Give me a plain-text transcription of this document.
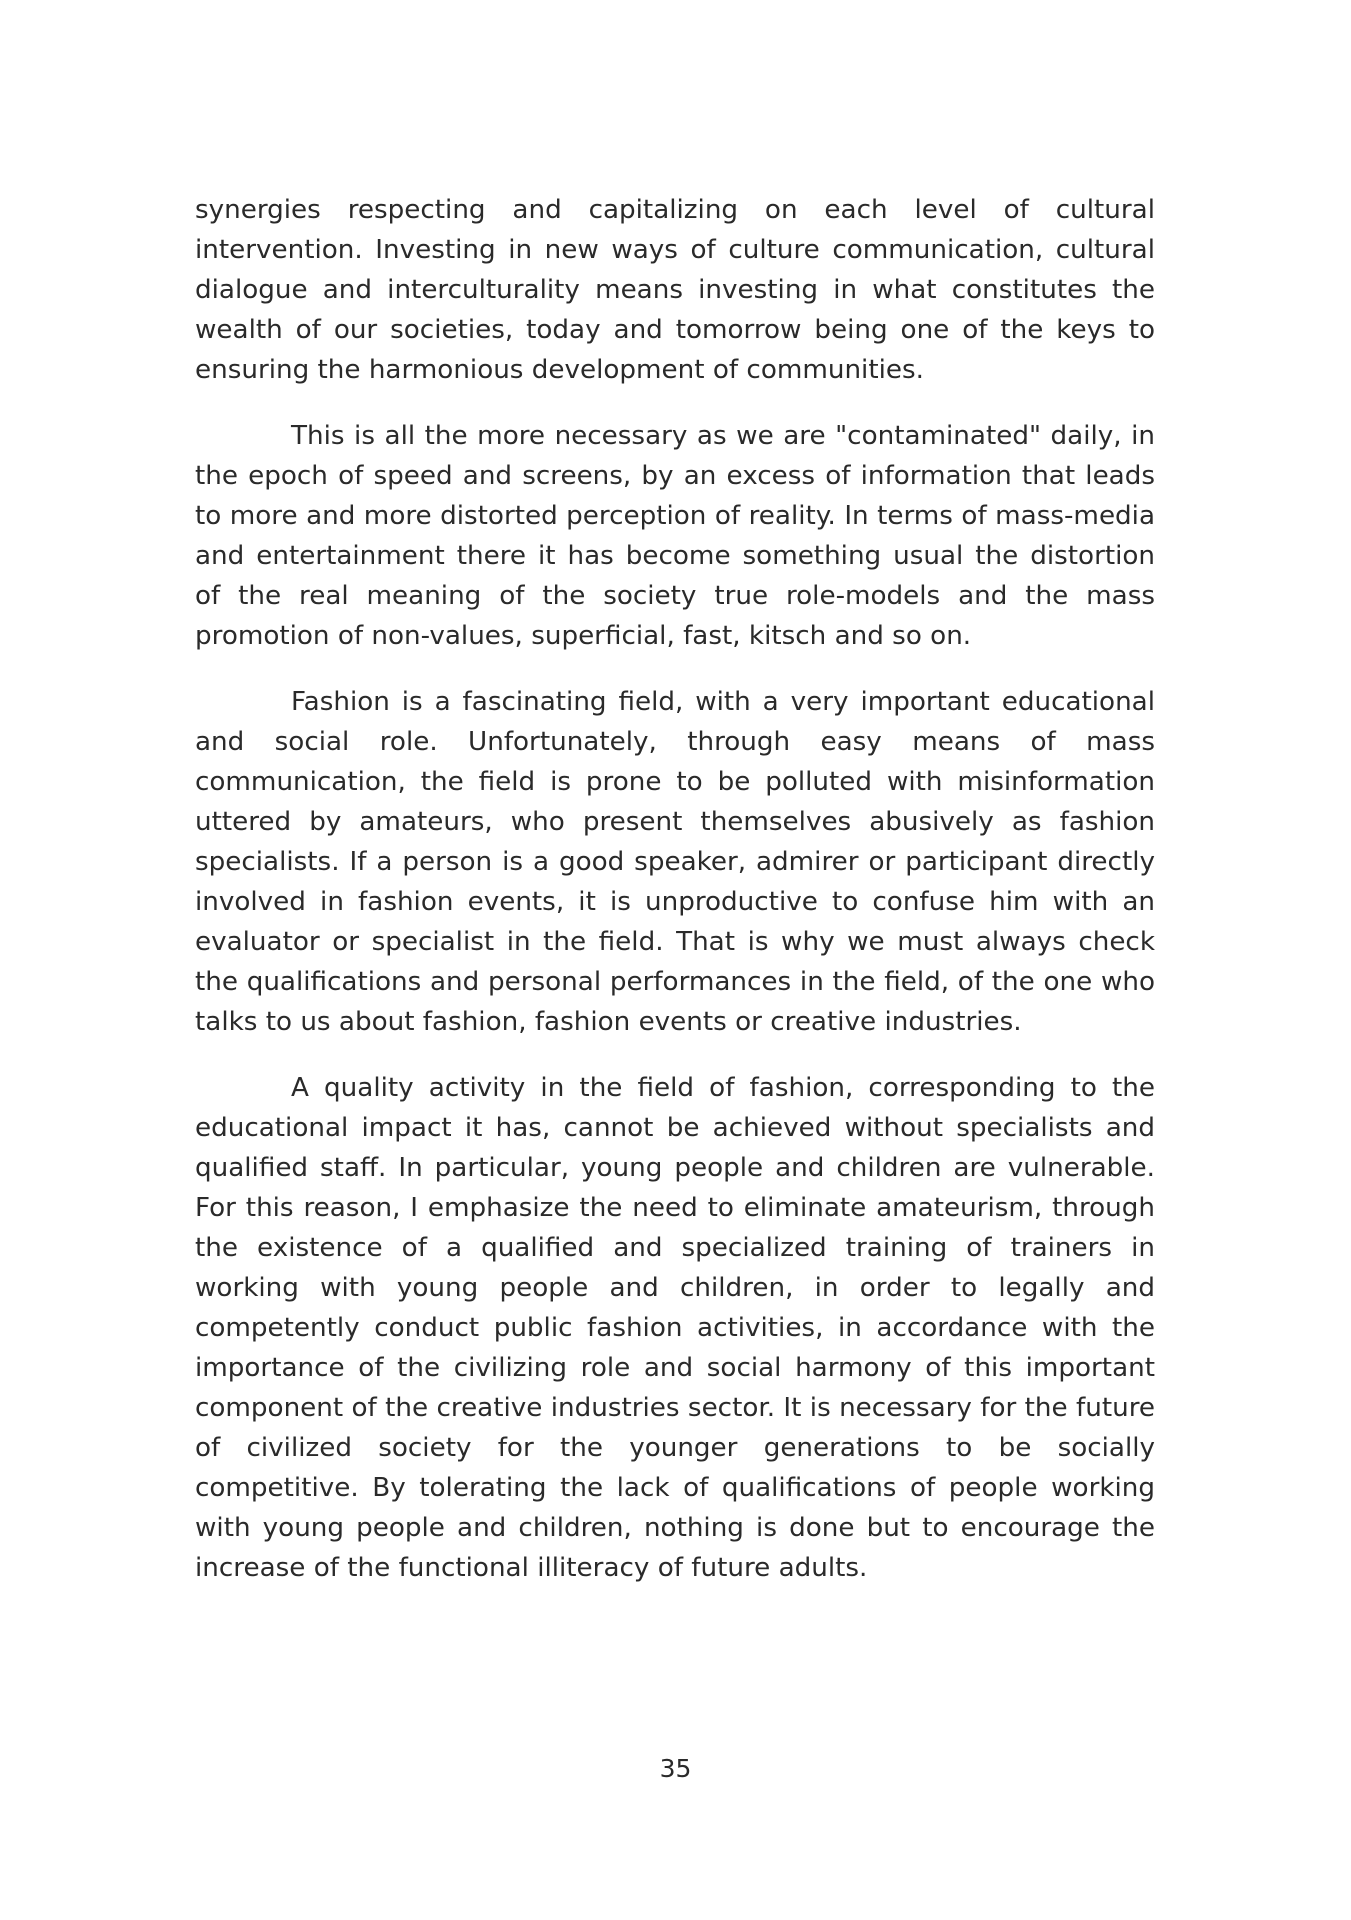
synergies respecting and capitalizing on each level of cultural intervention. Investing in new ways of culture communication, cultural dialogue and interculturality means investing in what constitutes the wealth of our societies, today and tomorrow being one of the keys to ensuring the harmonious development of communities.

This is all the more necessary as we are "contaminated" daily, in the epoch of speed and screens, by an excess of information that leads to more and more distorted perception of reality. In terms of mass-media and entertainment there it has become something usual the distortion of the real meaning of the society true role-models and the mass promotion of non-values, superficial, fast, kitsch and so on.

Fashion is a fascinating field, with a very important educational and social role. Unfortunately, through easy means of mass communication, the field is prone to be polluted with misinformation uttered by amateurs, who present themselves abusively as fashion specialists. If a person is a good speaker, admirer or participant directly involved in fashion events, it is unproductive to confuse him with an evaluator or specialist in the field. That is why we must always check the qualifications and personal performances in the field, of the one who talks to us about fashion, fashion events or creative industries.

A quality activity in the field of fashion, corresponding to the educational impact it has, cannot be achieved without specialists and qualified staff. In particular, young people and children are vulnerable. For this reason, I emphasize the need to eliminate amateurism, through the existence of a qualified and specialized training of trainers in working with young people and children, in order to legally and competently conduct public fashion activities, in accordance with the importance of the civilizing role and social harmony of this important component of the creative industries sector. It is necessary for the future of civilized society for the younger generations to be socially competitive. By tolerating the lack of qualifications of people working with young people and children, nothing is done but to encourage the increase of the functional illiteracy of future adults.

35
